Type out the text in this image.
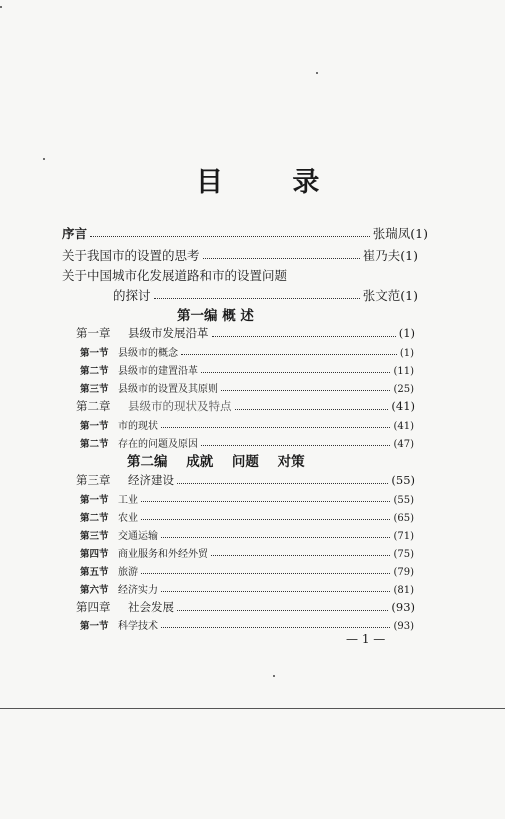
目 录
序言	张瑞凤(1)
关于我国市的设置的思考	崔乃夫(1)
关于中国城市化发展道路和市的设置问题
的探讨	张文范(1)
第一编 概 述
第一章	县级市发展沿革	(1)
第一节 县级市的概念	(1)
第二节 县级市的建置沿革	(11)
第三节 县级市的设置及其原则	(25)
第二章	县级市的现状及特点	(41)
第一节 市的现状	(41)
第二节 存在的问题及原因	(47)
第二编 成就 问题 对策
第三章	经济建设	(55)
第一节 工业	(55)
第二节 农业	(65)
第三节 交通运输	(71)
第四节 商业服务和外经外贸	(75)
第五节 旅游	(79)
第六节 经济实力	(81)
第四章	社会发展	(93)
第一节 科学技术	(93)
— 1 —
